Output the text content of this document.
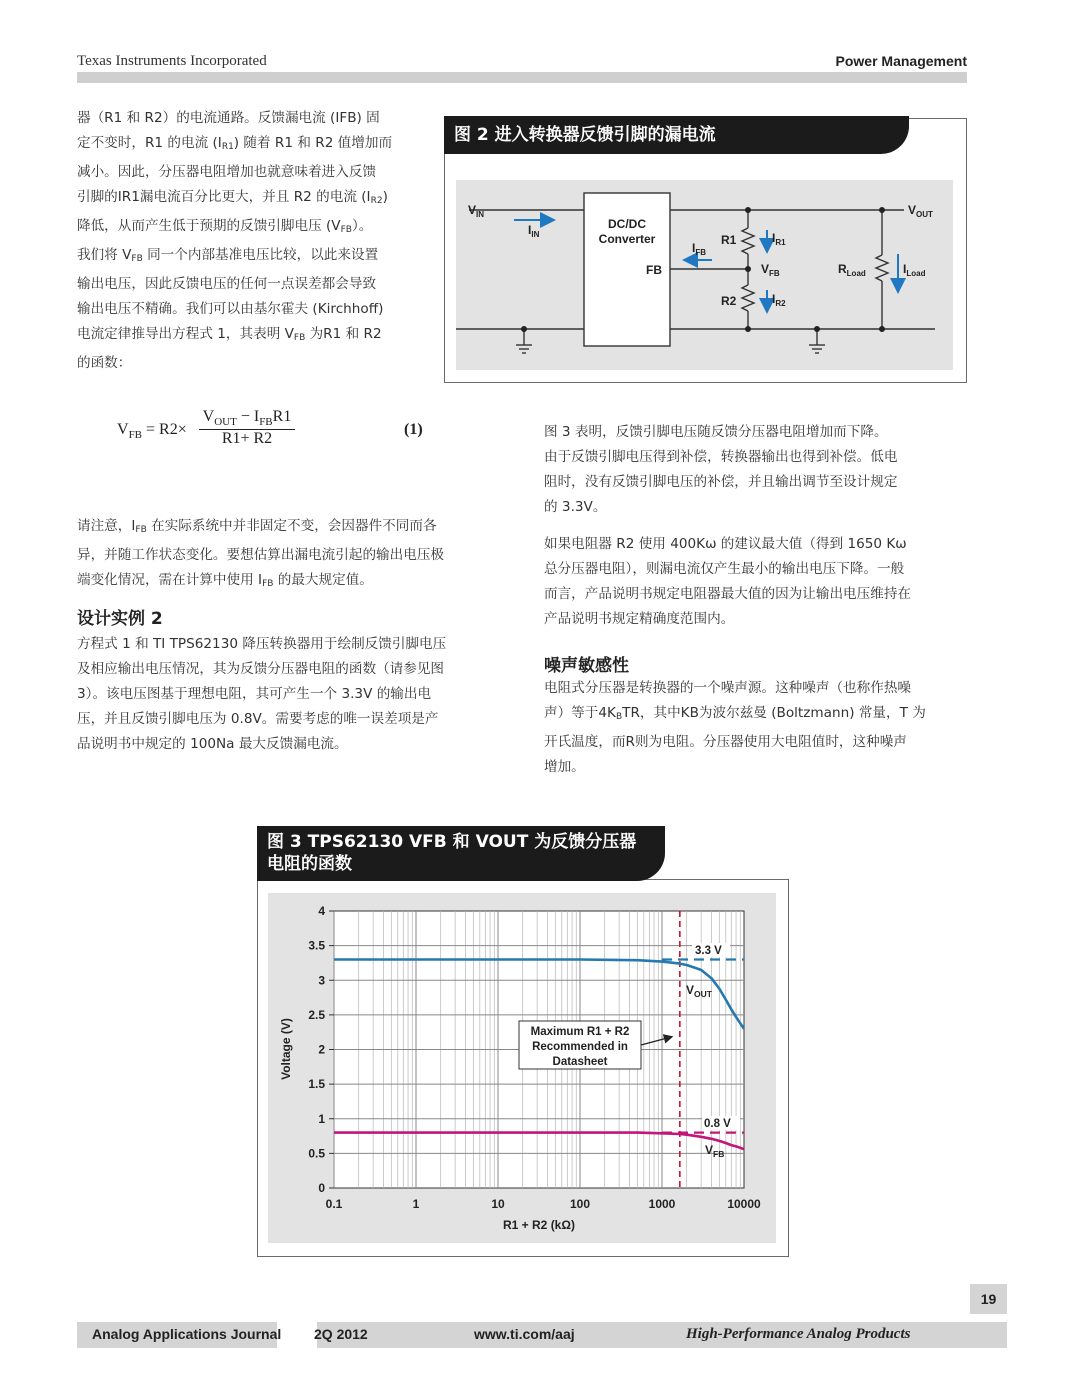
Texas Instruments Incorporated	Power Management

器（R1 和 R2）的电流通路。反馈漏电流 (IFB) 固
定不变时，R1 的电流 $(I_{R1})$ 随着 R1 和 R2 值增加而
减小。因此，分压器电阻增加也就意味着进入反馈
引脚的IR1漏电流百分比更大，并且 R2 的电流 $(I_{R2})$
降低，从而产生低于预期的反馈引脚电压 $(V_{FB})$。
我们将 $V_{FB}$ 同一个内部基准电压比较，以此来设置
输出电压，因此反馈电压的任何一点误差都会导致
输出电压不精确。我们可以由基尔霍夫 (Kirchhoff)
电流定律推导出方程式 1，其表明 $V_{FB}$ 为R1 和 R2
的函数：

$V_{FB} = R2\times$
$V_{OUT} - I_{FB}R1$
R1+ R2
(1)

请注意，$I_{FB}$ 在实际系统中并非固定不变，会因器件不同而各
异，并随工作状态变化。要想估算出漏电流引起的输出电压极
端变化情况，需在计算中使用 $I_{FB}$ 的最大规定值。

设计实例 2

方程式 1 和 TI TPS62130 降压转换器用于绘制反馈引脚电压
及相应输出电压情况，其为反馈分压器电阻的函数（请参见图
3）。该电压图基于理想电阻，其可产生一个 3.3V 的输出电
压，并且反馈引脚电压为 0.8V。需要考虑的唯一误差项是产
品说明书中规定的 100Na 最大反馈漏电流。

图 2 进入转换器反馈引脚的漏电流
DC/DC
Converter
FB
$V_{IN}$
$I_{IN}$
$I_{FB}$
R1
R2
$I_{R1}$
$I_{R2}$
$V_{FB}$
$V_{OUT}$
$R_{Load}$	$I_{Load}$

图 3 表明，反馈引脚电压随反馈分压器电阻增加而下降。
由于反馈引脚电压得到补偿，转换器输出也得到补偿。低电
阻时，没有反馈引脚电压的补偿，并且输出调节至设计规定
的 3.3V。

如果电阻器 R2 使用 400Kω 的建议最大值（得到 1650 Kω
总分压器电阻），则漏电流仅产生最小的输出电压下降。一般
而言，产品说明书规定电阻器最大值的因为让输出电压维持在
产品说明书规定精确度范围内。

噪声敏感性

电阻式分压器是转换器的一个噪声源。这种噪声（也称作热噪
声）等于$4K_BTR$，其中KB为波尔兹曼 (Boltzmann) 常量，T 为
开氏温度，而R则为电阻。分压器使用大电阻值时，这种噪声
增加。

图 3 TPS62130 VFB 和 VOUT 为反馈分压器
电阻的函数
0.1	1	10	100	1000	10000
0
0.5
1
1.5
2
2.5
3
3.5
4
Voltage (V)
R1 + R2 (kΩ)
Maximum R1 + R2
Recommended in
Datasheet
3.3 V
0.8 V
$V_{OUT}$
$V_{FB}$
19
Analog Applications Journal 2Q 2012	www.ti.com/aaj	High-Performance Analog Products
